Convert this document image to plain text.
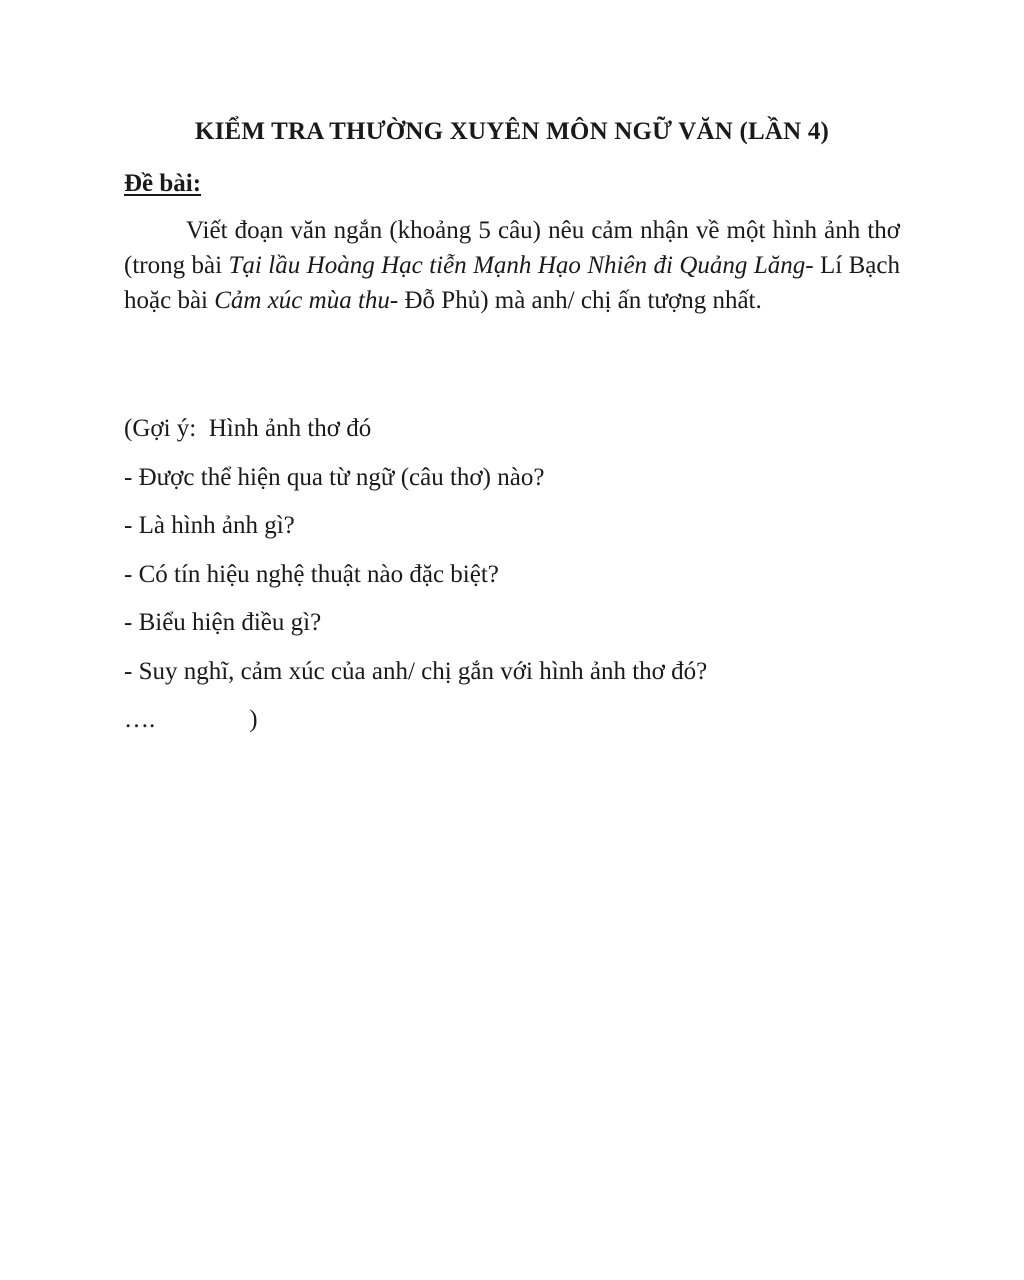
KIỂM TRA THƯỜNG XUYÊN MÔN NGỮ VĂN (LẦN 4)
Đề bài:
Viết đoạn văn ngắn (khoảng 5 câu) nêu cảm nhận về một hình ảnh thơ (trong bài Tại lầu Hoàng Hạc tiễn Mạnh Hạo Nhiên đi Quảng Lăng- Lí Bạch hoặc bài Cảm xúc mùa thu- Đỗ Phủ) mà anh/ chị ấn tượng nhất.
(Gợi ý:  Hình ảnh thơ đó
- Được thể hiện qua từ ngữ (câu thơ) nào?
- Là hình ảnh gì?
- Có tín hiệu nghệ thuật nào đặc biệt?
- Biểu hiện điều gì?
- Suy nghĩ, cảm xúc của anh/ chị gắn với hình ảnh thơ đó?
….	)
